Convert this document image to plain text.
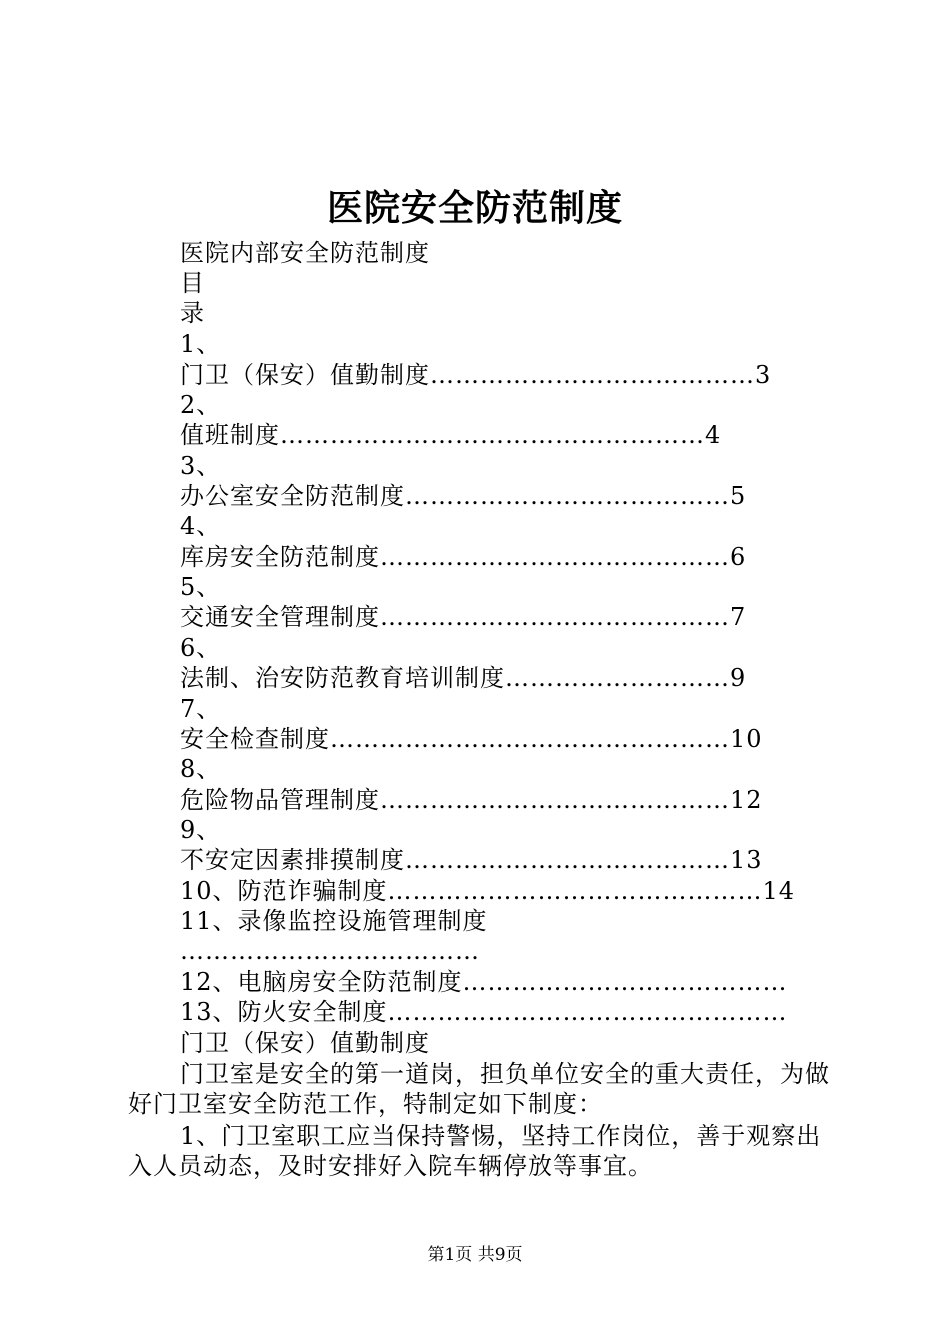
医院安全防范制度
医院内部安全防范制度
目
录
1、
门卫（保安）值勤制度…………………………………3
2、
值班制度……………………………………………4
3、
办公室安全防范制度…………………………………5
4、
库房安全防范制度……………………………………6
5、
交通安全管理制度……………………………………7
6、
法制、治安防范教育培训制度………………………9
7、
安全检查制度…………………………………………10
8、
危险物品管理制度……………………………………12
9、
不安定因素排摸制度…………………………………13
10、防范诈骗制度………………………………………14
11、录像监控设施管理制度
………………………………
12、电脑房安全防范制度…………………………………
13、防火安全制度…………………………………………
门卫（保安）值勤制度
门卫室是安全的第一道岗，担负单位安全的重大责任，为做好门卫室安全防范工作，特制定如下制度：
1、门卫室职工应当保持警惕，坚持工作岗位，善于观察出入人员动态，及时安排好入院车辆停放等事宜。
第1页 共9页
